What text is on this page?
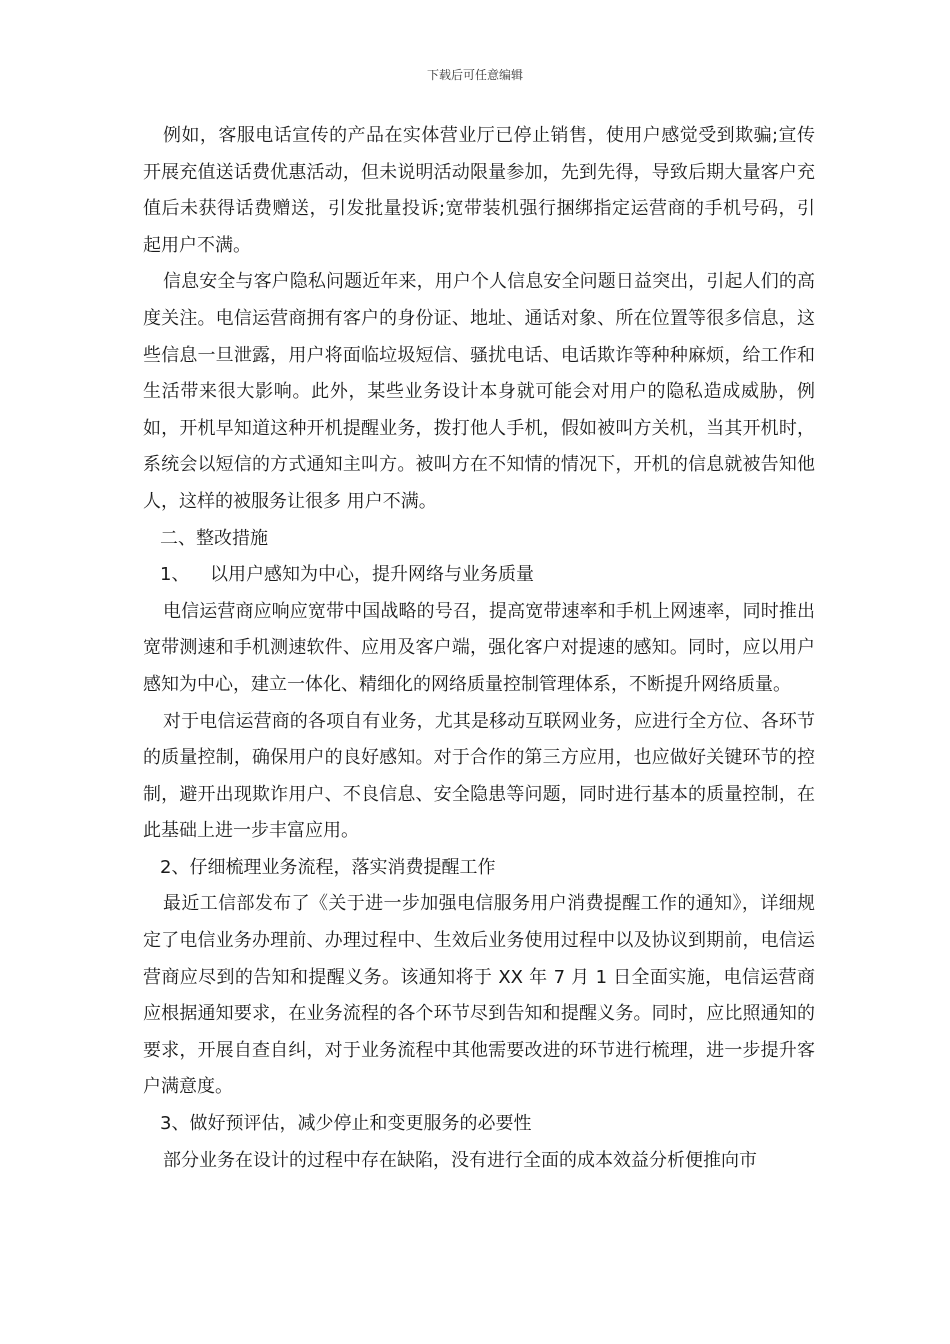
下载后可任意编辑

例如，客服电话宣传的产品在实体营业厅已停止销售，使用户感觉受到欺骗;宣传开展充值送话费优惠活动，但未说明活动限量参加，先到先得，导致后期大量客户充值后未获得话费赠送，引发批量投诉;宽带装机强行捆绑指定运营商的手机号码，引起用户不满。

信息安全与客户隐私问题近年来，用户个人信息安全问题日益突出，引起人们的高度关注。电信运营商拥有客户的身份证、地址、通话对象、所在位置等很多信息，这些信息一旦泄露，用户将面临垃圾短信、骚扰电话、电话欺诈等种种麻烦，给工作和生活带来很大影响。此外，某些业务设计本身就可能会对用户的隐私造成威胁，例如，开机早知道这种开机提醒业务，拨打他人手机，假如被叫方关机，当其开机时，系统会以短信的方式通知主叫方。被叫方在不知情的情况下，开机的信息就被告知他人，这样的被服务让很多 用户不满。

二、整改措施

1、 以用户感知为中心，提升网络与业务质量

电信运营商应响应宽带中国战略的号召，提高宽带速率和手机上网速率，同时推出宽带测速和手机测速软件、应用及客户端，强化客户对提速的感知。同时，应以用户感知为中心，建立一体化、精细化的网络质量控制管理体系，不断提升网络质量。

对于电信运营商的各项自有业务，尤其是移动互联网业务，应进行全方位、各环节的质量控制，确保用户的良好感知。对于合作的第三方应用，也应做好关键环节的控制，避开出现欺诈用户、不良信息、安全隐患等问题，同时进行基本的质量控制，在此基础上进一步丰富应用。

2、仔细梳理业务流程，落实消费提醒工作

最近工信部发布了《关于进一步加强电信服务用户消费提醒工作的通知》，详细规定了电信业务办理前、办理过程中、生效后业务使用过程中以及协议到期前，电信运营商应尽到的告知和提醒义务。该通知将于 XX 年 7 月 1 日全面实施，电信运营商应根据通知要求，在业务流程的各个环节尽到告知和提醒义务。同时，应比照通知的要求，开展自查自纠，对于业务流程中其他需要改进的环节进行梳理，进一步提升客户满意度。

3、做好预评估，减少停止和变更服务的必要性

部分业务在设计的过程中存在缺陷，没有进行全面的成本效益分析便推向市
